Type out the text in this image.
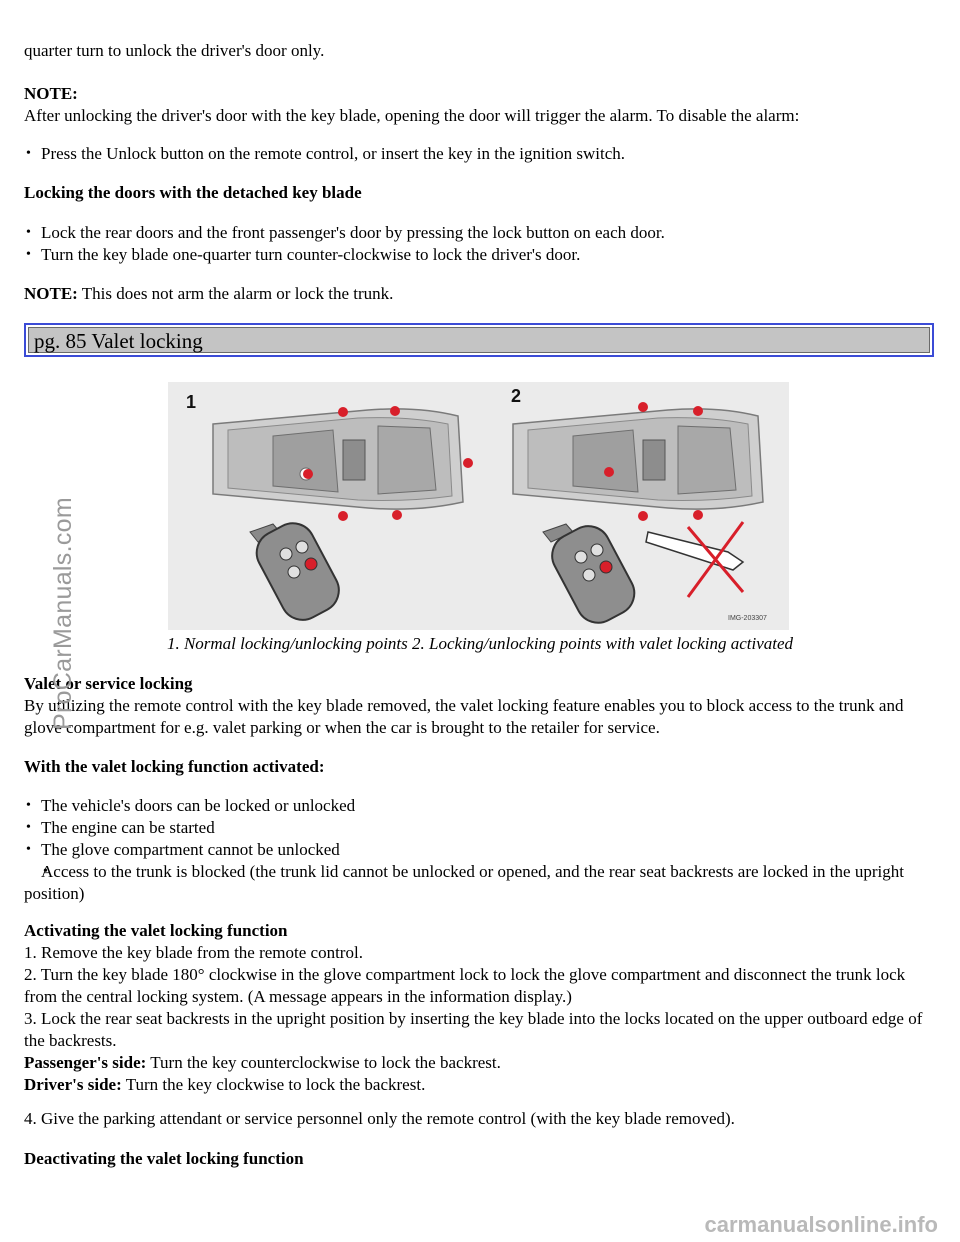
quarter turn to unlock the driver's door only.

NOTE:

After unlocking the driver's door with the key blade, opening the door will trigger the alarm. To disable the alarm:

• Press the Unlock button on the remote control, or insert the key in the ignition switch.

Locking the doors with the detached key blade

• Lock the rear doors and the front passenger's door by pressing the lock button on each door.
• Turn the key blade one-quarter turn counter-clockwise to lock the driver's door.

NOTE: This does not arm the alarm or lock the trunk.

Valet or service locking

By utilizing the remote control with the key blade removed, the valet locking feature enables you to block access to the trunk and glove compartment for e.g. valet parking or when the car is brought to the retailer for service.

With the valet locking function activated:

• The vehicle's doors can be locked or unlocked
• The engine can be started
• The glove compartment cannot be unlocked
• Access to the trunk is blocked (the trunk lid cannot be unlocked or opened, and the rear seat backrests are locked in the upright position)

Activating the valet locking function

1. Remove the key blade from the remote control.

2. Turn the key blade 180° clockwise in the glove compartment lock to lock the glove compartment and disconnect the trunk lock from the central locking system. (A message appears in the information display.)

3. Lock the rear seat backrests in the upright position by inserting the key blade into the locks located on the upper outboard edge of the backrests.

Passenger's side: Turn the key counterclockwise to lock the backrest.

Driver's side: Turn the key clockwise to lock the backrest.

4. Give the parking attendant or service personnel only the remote control (with the key blade removed).

Deactivating the valet locking function

pg. 85 Valet locking
1	2
IMG-203307
1. Normal locking/unlocking points 2. Locking/unlocking points with valet locking activated
ProCarManuals.com
carmanualsonline.info
